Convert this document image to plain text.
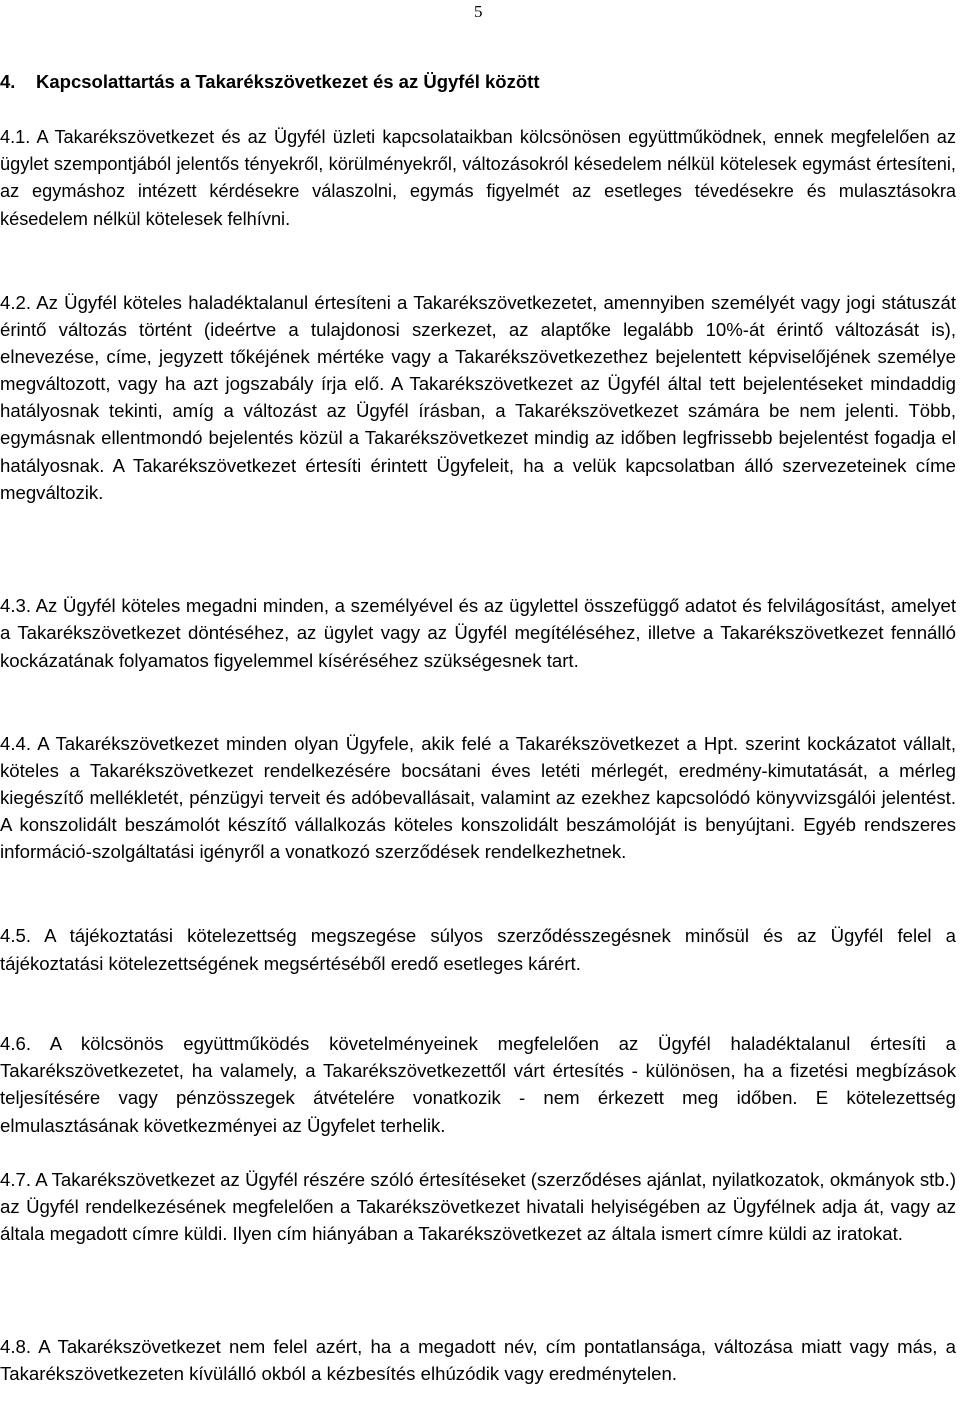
5
4. Kapcsolattartás a Takarékszövetkezet és az Ügyfél között
4.1. A Takarékszövetkezet és az Ügyfél üzleti kapcsolataikban kölcsönösen együttműködnek, ennek megfelelően az ügylet szempontjából jelentős tényekről, körülményekről, változásokról késedelem nélkül kötelesek egymást értesíteni, az egymáshoz intézett kérdésekre válaszolni, egymás figyelmét az esetleges tévedésekre és mulasztásokra késedelem nélkül kötelesek felhívni.
4.2. Az Ügyfél köteles haladéktalanul értesíteni a Takarékszövetkezetet, amennyiben személyét vagy jogi státuszát érintő változás történt (ideértve a tulajdonosi szerkezet, az alaptőke legalább 10%-át érintő változását is), elnevezése, címe, jegyzett tőkéjének mértéke vagy a Takarékszövetkezethez bejelentett képviselőjének személye megváltozott, vagy ha azt jogszabály írja elő. A Takarékszövetkezet az Ügyfél által tett bejelentéseket mindaddig hatályosnak tekinti, amíg a változást az Ügyfél írásban, a Takarékszövetkezet számára be nem jelenti. Több, egymásnak ellentmondó bejelentés közül a Takarékszövetkezet mindig az időben legfrissebb bejelentést fogadja el hatályosnak. A Takarékszövetkezet értesíti érintett Ügyfeleit, ha a velük kapcsolatban álló szervezeteinek címe megváltozik.
4.3. Az Ügyfél köteles megadni minden, a személyével és az ügylettel összefüggő adatot és felvilágosítást, amelyet a Takarékszövetkezet döntéséhez, az ügylet vagy az Ügyfél megítéléséhez, illetve a Takarékszövetkezet fennálló kockázatának folyamatos figyelemmel kíséréséhez szükségesnek tart.
4.4. A Takarékszövetkezet minden olyan Ügyfele, akik felé a Takarékszövetkezet a Hpt. szerint kockázatot vállalt, köteles a Takarékszövetkezet rendelkezésére bocsátani éves letéti mérlegét, eredmény-kimutatását, a mérleg kiegészítő mellékletét, pénzügyi terveit és adóbevallásait, valamint az ezekhez kapcsolódó könyvvizsgálói jelentést. A konszolidált beszámolót készítő vállalkozás köteles konszolidált beszámolóját is benyújtani. Egyéb rendszeres információ-szolgáltatási igényről a vonatkozó szerződések rendelkezhetnek.
4.5. A tájékoztatási kötelezettség megszegése súlyos szerződésszegésnek minősül és az Ügyfél felel a tájékoztatási kötelezettségének megsértéséből eredő esetleges kárért.
4.6. A kölcsönös együttműködés követelményeinek megfelelően az Ügyfél haladéktalanul értesíti a Takarékszövetkezetet, ha valamely, a Takarékszövetkezettől várt értesítés - különösen, ha a fizetési megbízások teljesítésére vagy pénzösszegek átvételére vonatkozik - nem érkezett meg időben. E kötelezettség elmulasztásának következményei az Ügyfelet terhelik.
4.7. A Takarékszövetkezet az Ügyfél részére szóló értesítéseket (szerződéses ajánlat, nyilatkozatok, okmányok stb.) az Ügyfél rendelkezésének megfelelően a Takarékszövetkezet hivatali helyiségében az Ügyfélnek adja át, vagy az általa megadott címre küldi. Ilyen cím hiányában a Takarékszövetkezet az általa ismert címre küldi az iratokat.
4.8. A Takarékszövetkezet nem felel azért, ha a megadott név, cím pontatlansága, változása miatt vagy más, a Takarékszövetkezeten kívülálló okból a kézbesítés elhúzódik vagy eredménytelen.
